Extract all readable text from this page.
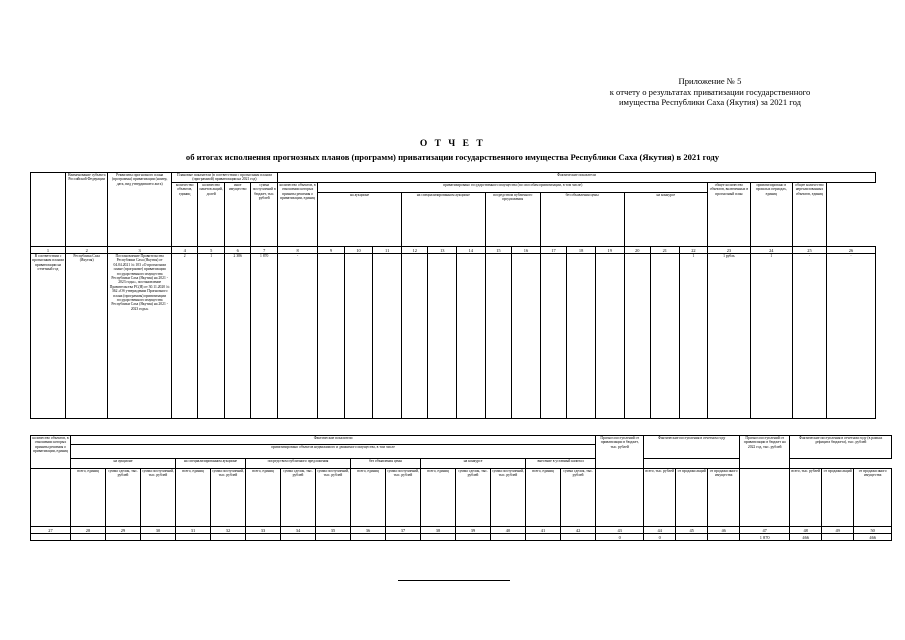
Приложение № 5
к отчету о результатах приватизации государственного
имущества Республики Саха (Якутия) за 2021 год
О Т Ч Е Т
об итогах исполнения прогнозных планов (программ) приватизации государственного имущества Республики Саха (Якутия) в 2021 году
	Наименование субъекта Российской Федерации	Реквизиты прогнозного плана (программы) приватизации (номер, дата, вид утвердившего акта)	Плановые показатели (в соответствии с прогнозным планом (программой) приватизации на 2021 год)				Фактические показатели																		
			количество объектов, единиц	количество пакетов акций, долей	иное имущество	сумма поступлений в бюджет, тыс. рублей	количество объектов, в отношении которых приняты решения о приватизации, единиц	приватизировано государственного имущества (по способам приватизации, в том числе)														общее количество объектов, включенных в прогнозный план	приватизировано в прошлых периодах, единиц	общее количество нереализованных объектов, единиц	
								на аукционе			на специализированном аукционе			посредством публичного предложения		без объявления цены			на конкурсе						
1	2	3	4	5	6	7	8	9	10	11	12	13	14	15	16	17	18	19	20	21	22	23	24	25	26
В соответствии с прогнозным планом приватизации на отчетный год	Республика Саха (Якутия)	Постановление Правительства Республики Саха (Якутия) от 04.04.2021 № 103 «О прогнозном плане (программе) приватизации государственного имущества Республики Саха (Якутия) на 2021 - 2023 годы», постановление Правительства РС(Я) от 30.11.2020 № 362 «Об утверждении Прогнозного плана (программы) приватизации государственного имущества Республики Саха (Якутия) на 2021 - 2023 годы»	2	1	2 386	1 870	-														1	1 рубль	1	-	-
количество объектов, в отношении которых приняты решения о приватизации, единиц	Фактические показатели															Прогноз поступлений от приватизации в бюджет, тыс. рублей	Фактические поступления в отчетном году			Прогноз поступлений от приватизации в бюджет на 2022 год, тыс. рублей	Фактические поступления в отчетном году (в рамках дефицита бюджета), тыс. рублей		
	приватизировано объектов недвижимого и движимого имущества, в том числе																						
	на аукционе			на специализированном аукционе		посредством публичного предложения			без объявления цены		на конкурсе			внесение в уставный капитал									
	всего, единиц	сумма сделок, тыс. рублей	сумма поступлений, тыс. рублей	всего, единиц	сумма поступлений, тыс. рублей	всего, единиц	сумма сделок, тыс. рублей	сумма поступлений, тыс. рублей	всего, единиц	сумма поступлений, тыс. рублей	всего, единиц	сумма сделок, тыс. рублей	сумма поступлений, тыс. рублей	всего, единиц	сумма сделок, тыс. рублей		всего, тыс. рублей	от продажи акций	от продажи иного имущества		всего, тыс. рублей	от продажи акций	от продажи иного имущества
27	28	29	30	31	32	33	34	35	36	37	38	39	40	41	42	43	44	45	46	47	48	49	50
																0	0			1 870	466		466
